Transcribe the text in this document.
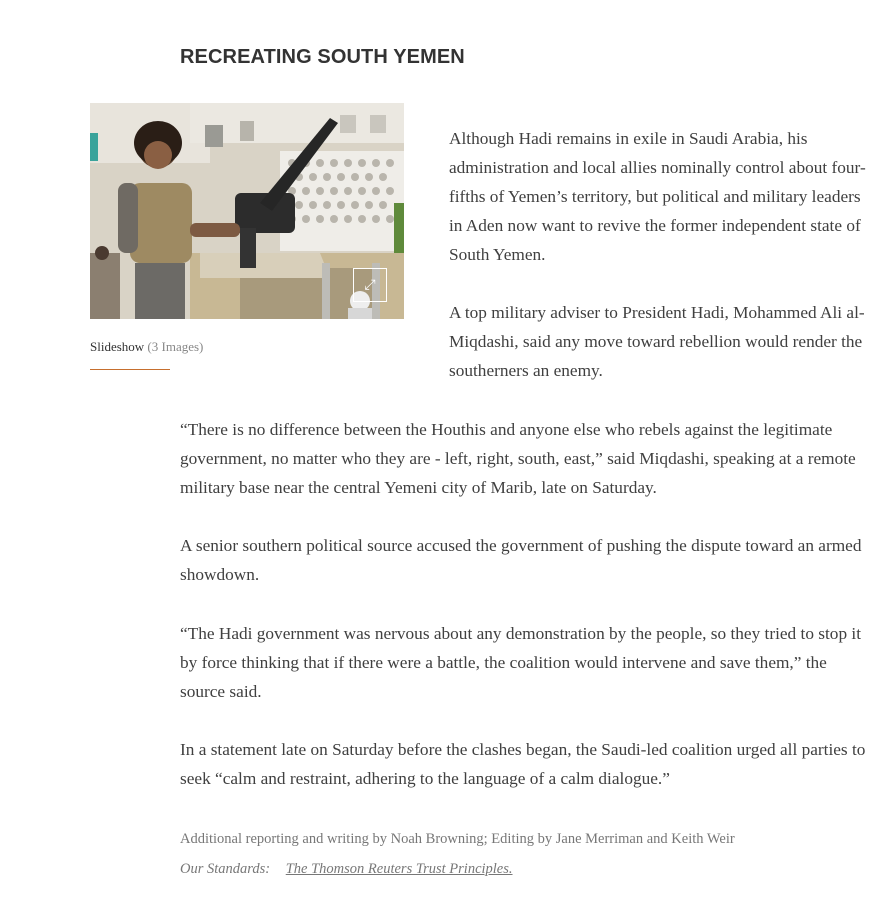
RECREATING SOUTH YEMEN
⤢
Slideshow (3 Images)

Although Hadi remains in exile in Saudi Arabia, his administration and local allies nominally control about four-fifths of Yemen’s territory, but political and military leaders in Aden now want to revive the former independent state of South Yemen.

A top military adviser to President Hadi, Mohammed Ali al-Miqdashi, said any move toward rebellion would render the southerners an enemy.

“There is no difference between the Houthis and anyone else who rebels against the legitimate government, no matter who they are - left, right, south, east,” said Miqdashi, speaking at a remote military base near the central Yemeni city of Marib, late on Saturday.

A senior southern political source accused the government of pushing the dispute toward an armed showdown.

“The Hadi government was nervous about any demonstration by the people, so they tried to stop it by force thinking that if there were a battle, the coalition would intervene and save them,” the source said.

In a statement late on Saturday before the clashes began, the Saudi-led coalition urged all parties to seek “calm and restraint, adhering to the language of a calm dialogue.”

Additional reporting and writing by Noah Browning; Editing by Jane Merriman and Keith Weir

Our Standards: The Thomson Reuters Trust Principles.
